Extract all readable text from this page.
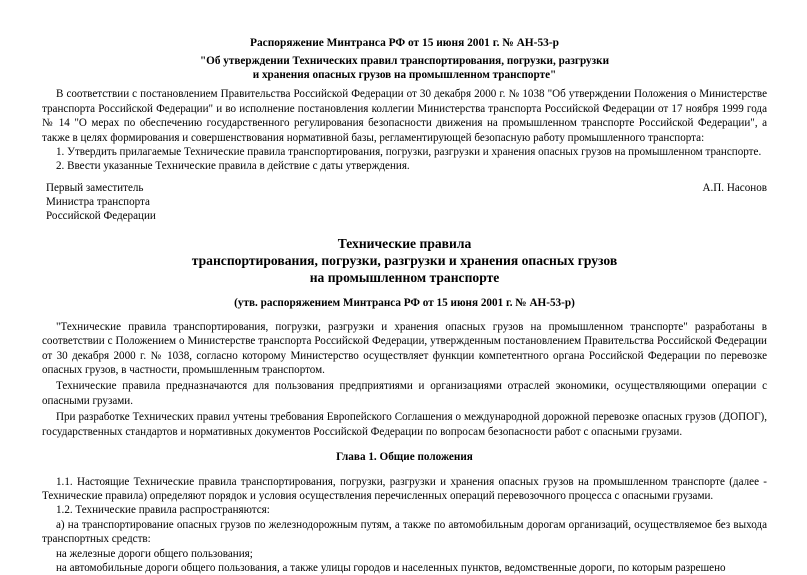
Распоряжение Минтранса РФ от 15 июня 2001 г. № АН-53-р
"Об утверждении Технических правил транспортирования, погрузки, разгрузки
и хранения опасных грузов на промышленном транспорте"

В соответствии с постановлением Правительства Российской Федерации от 30 декабря 2000 г. № 1038 "Об утверждении Положения о Министерстве транспорта Российской Федерации" и во исполнение постановления коллегии Министерства транспорта Российской Федерации от 17 ноября 1999 года № 14 "О мерах по обеспечению государственного регулирования безопасности движения на промышленном транспорте Российской Федерации", а также в целях формирования и совершенствования нормативной базы, регламентирующей безопасную работу промышленного транспорта:

1. Утвердить прилагаемые Технические правила транспортирования, погрузки, разгрузки и хранения опасных грузов на промышленном транспорте.

2. Ввести указанные Технические правила в действие с даты утверждения.

Первый заместитель
Министра транспорта
Российской Федерации
А.П. Насонов
Технические правила
транспортирования, погрузки, разгрузки и хранения опасных грузов
на промышленном транспорте
(утв. распоряжением Минтранса РФ от 15 июня 2001 г. № АН-53-р)

"Технические правила транспортирования, погрузки, разгрузки и хранения опасных грузов на промышленном транспорте" разработаны в соответствии с Положением о Министерстве транспорта Российской Федерации, утвержденным постановлением Правительства Российской Федерации от 30 декабря 2000 г. № 1038, согласно которому Министерство осуществляет функции компетентного органа Российской Федерации по перевозке опасных грузов, в частности, промышленным транспортом.

Технические правила предназначаются для пользования предприятиями и организациями отраслей экономики, осуществляющими операции с опасными грузами.

При разработке Технических правил учтены требования Европейского Соглашения о международной дорожной перевозке опасных грузов (ДОПОГ), государственных стандартов и нормативных документов Российской Федерации по вопросам безопасности работ с опасными грузами.

Глава 1. Общие положения

1.1. Настоящие Технические правила транспортирования, погрузки, разгрузки и хранения опасных грузов на промышленном транспорте (далее - Технические правила) определяют порядок и условия осуществления перечисленных операций перевозочного процесса с опасными грузами.

1.2. Технические правила распространяются:

а) на транспортирование опасных грузов по железнодорожным путям, а также по автомобильным дорогам организаций, осуществляемое без выхода транспортных средств:

на железные дороги общего пользования;

на автомобильные дороги общего пользования, а также улицы городов и населенных пунктов, ведомственные дороги, по которым разрешено
